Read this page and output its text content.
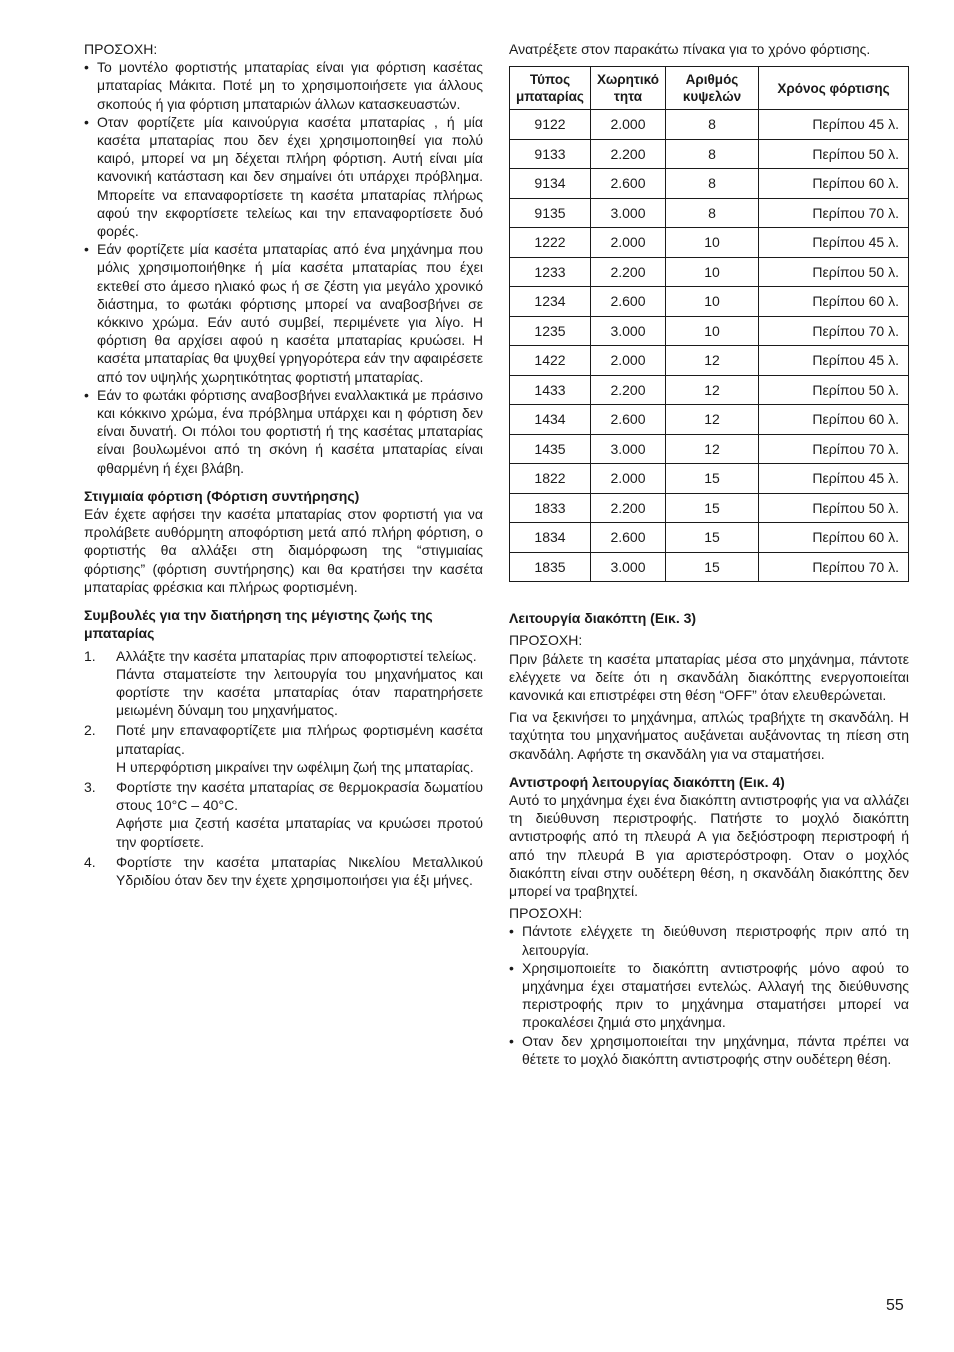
ΠΡΟΣΟΧΗ:
• Το μοντέλο φορτιστής μπαταρίας είναι για φόρτιση κασέτας μπαταρίας Μάκιτα. Ποτέ μη το χρησιμοποιήσετε για άλλους σκοπούς ή για φόρτιση μπαταριών άλλων κατασκευαστών.
• Οταν φορτίζετε μία καινούργια κασέτα μπαταρίας , ή μία κασέτα μπαταρίας που δεν έχει χρησιμοποιηθεί για πολύ καιρό, μπορεί να μη δέχεται πλήρη φόρτιση. Αυτή είναι μία κανονική κατάσταση και δεν σημαίνει ότι υπάρχει πρόβλημα. Μπορείτε να επαναφορτίσετε τη κασέτα μπαταρίας πλήρως αφού την εκφορτίσετε τελείως και την επαναφορτίσετε δυό φορές.
• Εάν φορτίζετε μία κασέτα μπαταρίας από ένα μηχάνημα που μόλις χρησιμοποιήθηκε ή μία κασέτα μπαταρίας που έχει εκτεθεί στο άμεσο ηλιακό φως ή σε ζέστη για μεγάλο χρονικό διάστημα, το φωτάκι φόρτισης μπορεί να αναβοσβήνει σε κόκκινο χρώμα. Εάν αυτό συμβεί, περιμένετε για λίγο. Η φόρτιση θα αρχίσει αφού η κασέτα μπαταρίας κρυώσει. Η κασέτα μπαταρίας θα ψυχθεί γρηγορότερα εάν την αφαιρέσετε από τον υψηλής χωρητικότητας φορτιστή μπαταρίας.
• Εάν το φωτάκι φόρτισης αναβοσβήνει εναλλακτικά με πράσινο και κόκκινο χρώμα, ένα πρόβλημα υπάρχει και η φόρτιση δεν είναι δυνατή. Οι πόλοι του φορτιστή ή της κασέτας μπαταρίας είναι βουλωμένοι από τη σκόνη ή κασέτα μπαταρίας είναι φθαρμένη ή έχει βλάβη.
Στιγμιαία φόρτιση (Φόρτιση συντήρησης)

Εάν έχετε αφήσει την κασέτα μπαταρίας στον φορτιστή για να προλάβετε αυθόρμητη αποφόρτιση μετά από πλήρη φόρτιση, ο φορτιστής θα αλλάξει στη διαμόρφωση της “στιγμιαίας φόρτισης” (φόρτιση συντήρησης) και θα κρατήσει την κασέτα μπαταρίας φρέσκια και πλήρως φορτισμένη.

Συμβουλές για την διατήρηση της μέγιστης ζωής της μπαταρίας
1. Αλλάξτε την κασέτα μπαταρίας πριν αποφορτιστεί τελείως.

Πάντα σταματείστε την λειτουργία του μηχανήματος και φορτίστε την κασέτα μπαταρίας όταν παρατηρήσετε μειωμένη δύναμη του μηχανήματος.

2. Ποτέ μην επαναφορτίζετε μια πλήρως φορτισμένη κασέτα μπαταρίας.

Η υπερφόρτιση μικραίνει την ωφέλιμη ζωή της μπαταρίας.

3. Φορτίστε την κασέτα μπαταρίας σε θερμοκρασία δωματίου στους 10°C – 40°C.

Αφήστε μια ζεστή κασέτα μπαταρίας να κρυώσει προτού την φορτίσετε.

4. Φορτίστε την κασέτα μπαταρίας Νικελίου Μεταλλικού Υδριδίου όταν δεν την έχετε χρησιμοποιήσει για έξι μήνες.

Ανατρέξετε στον παρακάτω πίνακα για το χρόνο φόρτισης.

Τύπος μπαταρίας	Χωρητικό τητα	Αριθμός κυψελών	Χρόνος φόρτισης
9122	2.000	8	Περίπου 45 λ.
9133	2.200	8	Περίπου 50 λ.
9134	2.600	8	Περίπου 60 λ.
9135	3.000	8	Περίπου 70 λ.
1222	2.000	10	Περίπου 45 λ.
1233	2.200	10	Περίπου 50 λ.
1234	2.600	10	Περίπου 60 λ.
1235	3.000	10	Περίπου 70 λ.
1422	2.000	12	Περίπου 45 λ.
1433	2.200	12	Περίπου 50 λ.
1434	2.600	12	Περίπου 60 λ.
1435	3.000	12	Περίπου 70 λ.
1822	2.000	15	Περίπου 45 λ.
1833	2.200	15	Περίπου 50 λ.
1834	2.600	15	Περίπου 60 λ.
1835	3.000	15	Περίπου 70 λ.
Λειτουργία διακόπτη (Εικ. 3)
ΠΡΟΣΟΧΗ:

Πριν βάλετε τη κασέτα μπαταρίας μέσα στο μηχάνημα, πάντοτε ελέγχετε να δείτε ότι η σκανδάλη διακόπτης ενεργοποιείται κανονικά και επιστρέφει στη θέση “OFF” όταν ελευθερώνεται.

Για να ξεκινήσει το μηχάνημα, απλώς τραβήχτε τη σκανδάλη. Η ταχύτητα του μηχανήματος αυξάνεται αυξάνοντας τη πίεση στη σκανδάλη. Αφήστε τη σκανδάλη για να σταματήσει.

Αντιστροφή λειτουργίας διακόπτη (Εικ. 4)

Αυτό το μηχάνημα έχει ένα διακόπτη αντιστροφής για να αλλάζει τη διεύθυνση περιστροφής. Πατήστε το μοχλό διακόπτη αντιστροφής από τη πλευρά A για δεξιόστροφη περιστροφή ή από την πλευρά B για αριστερόστροφη. Οταν ο μοχλός διακόπτη είναι στην ουδέτερη θέση, η σκανδάλη διακόπτης δεν μπορεί να τραβηχτεί.

ΠΡΟΣΟΧΗ:
• Πάντοτε ελέγχετε τη διεύθυνση περιστροφής πριν από τη λειτουργία.
• Χρησιμοποιείτε το διακόπτη αντιστροφής μόνο αφού το μηχάνημα έχει σταματήσει εντελώς. Αλλαγή της διεύθυνσης περιστροφής πριν το μηχάνημα σταματήσει μπορεί να προκαλέσει ζημιά στο μηχάνημα.
• Οταν δεν χρησιμοποιείται την μηχάνημα, πάντα πρέπει να θέτετε το μοχλό διακόπτη αντιστροφής στην ουδέτερη θέση.
55
